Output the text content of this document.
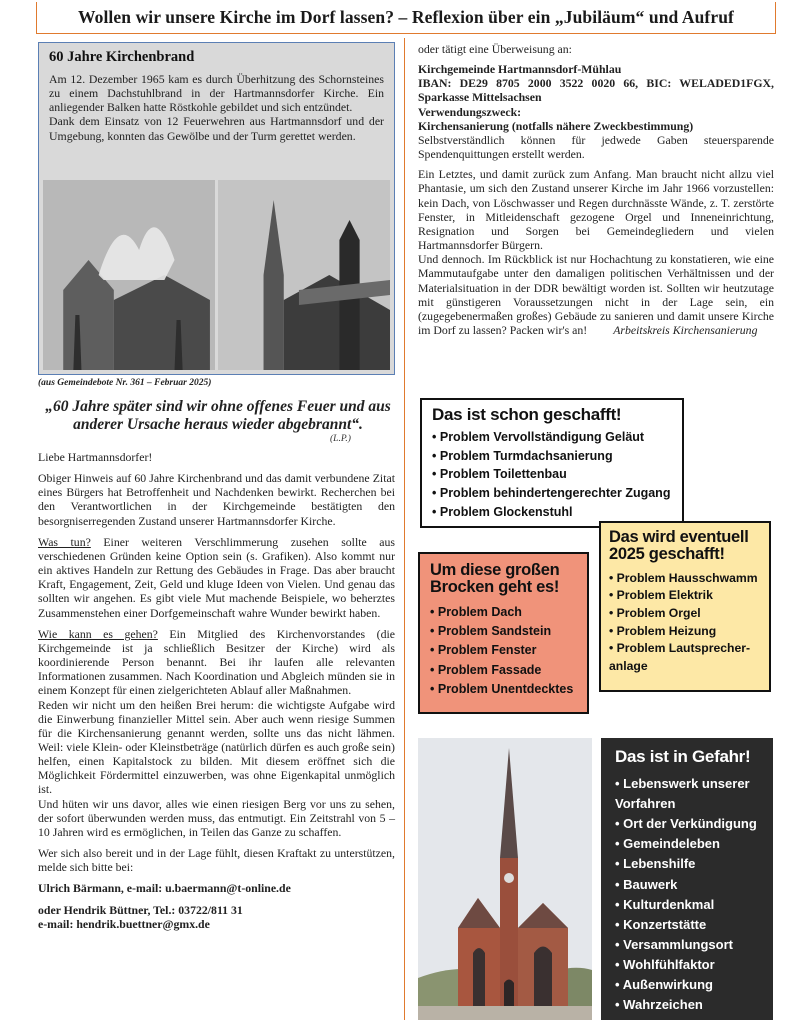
Wollen wir unsere Kirche im Dorf lassen? – Reflexion über ein „Jubiläum“ und Aufruf
60 Jahre Kirchenbrand

Am 12. Dezember 1965 kam es durch Überhitzung des Schornsteines zu einem Dachstuhlbrand in der Hartmannsdorfer Kirche. Ein anliegender Balken hatte Röstkohle gebildet und sich entzündet.

Dank dem Einsatz von 12 Feuerwehren aus Hartmannsdorf und der Umgebung, konnten das Gewölbe und der Turm gerettet werden.

(aus Gemeindebote Nr. 361 – Februar 2025)
„60 Jahre später sind wir ohne offenes Feuer und aus anderer Ursache heraus wieder abgebrannt“.
(L.P.)

Liebe Hartmannsdorfer!

Obiger Hinweis auf 60 Jahre Kirchenbrand und das damit verbundene Zitat eines Bürgers hat Betroffenheit und Nachdenken bewirkt. Recherchen bei den Verantwortlichen in der Kirchgemeinde bestätigten den besorgniserregenden Zustand unserer Hartmannsdorfer Kirche.

Was tun? Einer weiteren Verschlimmerung zusehen sollte aus verschiedenen Gründen keine Option sein (s. Grafiken). Also kommt nur ein aktives Handeln zur Rettung des Gebäudes in Frage. Das aber braucht Kraft, Engagement, Zeit, Geld und kluge Ideen von Vielen. Und genau das sollten wir angehen. Es gibt viele Mut machende Beispiele, wo beherztes Zusammenstehen einer Dorfgemeinschaft wahre Wunder bewirkt haben.

Wie kann es gehen? Ein Mitglied des Kirchenvorstandes (die Kirchgemeinde ist ja schließlich Besitzer der Kirche) wird als koordinierende Person benannt. Bei ihr laufen alle relevanten Informationen zusammen. Nach Koordination und Abgleich münden sie in einem Konzept für einen zielgerichteten Ablauf aller Maßnahmen.

Reden wir nicht um den heißen Brei herum: die wichtigste Aufgabe wird die Einwerbung finanzieller Mittel sein. Aber auch wenn riesige Summen für die Kirchensanierung genannt werden, sollte uns das nicht lähmen. Weil: viele Klein- oder Kleinstbeträge (natürlich dürfen es auch große sein) helfen, einen Kapitalstock zu bilden. Mit diesem eröffnet sich die Möglichkeit Fördermittel einzuwerben, was ohne Eigenkapital unmöglich ist.

Und hüten wir uns davor, alles wie einen riesigen Berg vor uns zu sehen, der sofort überwunden werden muss, das entmutigt. Ein Zeitstrahl von 5 – 10 Jahren wird es ermöglichen, in Teilen das Ganze zu schaffen.

Wer sich also bereit und in der Lage fühlt, diesen Kraftakt zu unterstützen, melde sich bitte bei:

Ulrich Bärmann, e-mail: u.baermann@t-online.de

oder Hendrik Büttner, Tel.: 03722/811 31

e-mail: hendrik.buettner@gmx.de

oder tätigt eine Überweisung an:

Kirchgemeinde Hartmannsdorf-Mühlau

IBAN: DE29 8705 2000 3522 0020 66, BIC: WELADED1FGX, Sparkasse Mittelsachsen

Verwendungszweck:

Kirchensanierung (notfalls nähere Zweckbestimmung)

Selbstverständlich können für jedwede Gaben steuersparende Spendenquittungen erstellt werden.

Ein Letztes, und damit zurück zum Anfang. Man braucht nicht allzu viel Phantasie, um sich den Zustand unserer Kirche im Jahr 1966 vorzustellen: kein Dach, von Löschwasser und Regen durchnässte Wände, z. T. zerstörte Fenster, in Mitleidenschaft gezogene Orgel und Inneneinrichtung, Resignation und Sorgen bei Gemeindegliedern und vielen Hartmannsdorfer Bürgern.

Und dennoch. Im Rückblick ist nur Hochachtung zu konstatieren, wie eine Mammutaufgabe unter den damaligen politischen Verhältnissen und der Materialsituation in der DDR bewältigt worden ist. Sollten wir heutzutage mit günstigeren Voraussetzungen nicht in der Lage sein, ein (zugegebenermaßen großes) Gebäude zu sanieren und damit unsere Kirche im Dorf zu lassen? Packen wir's an! Arbeitskreis Kirchensanierung

Das ist schon geschafft!
• Problem Vervollständigung Geläut
• Problem Turmdachsanierung
• Problem Toilettenbau
• Problem behindertengerechter Zugang
• Problem Glockenstuhl
Um diese großen Brocken geht es!
• Problem Dach
• Problem Sandstein
• Problem Fenster
• Problem Fassade
• Problem Unentdecktes
Das wird eventuell 2025 geschafft!
• Problem Hausschwamm
• Problem Elektrik
• Problem Orgel
• Problem Heizung
• Problem Lautsprecher-anlage
Das ist in Gefahr!
• Lebenswerk unserer Vorfahren
• Ort der Verkündigung
• Gemeindeleben
• Lebenshilfe
• Bauwerk
• Kulturdenkmal
• Konzertstätte
• Versammlungsort
• Wohlfühlfaktor
• Außenwirkung
• Wahrzeichen
